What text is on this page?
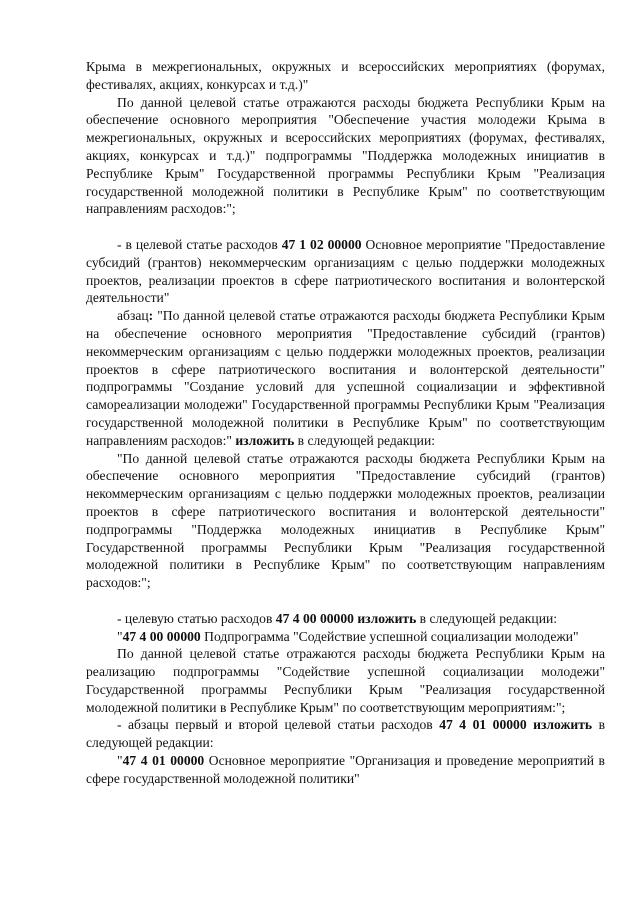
Крыма в межрегиональных, окружных и всероссийских мероприятиях (форумах, фестивалях, акциях, конкурсах и т.д.)"

По данной целевой статье отражаются расходы бюджета Республики Крым на обеспечение основного мероприятия "Обеспечение участия молодежи Крыма в межрегиональных, окружных и всероссийских мероприятиях (форумах, фестивалях, акциях, конкурсах и т.д.)" подпрограммы "Поддержка молодежных инициатив в Республике Крым" Государственной программы Республики Крым "Реализация государственной молодежной политики в Республике Крым" по соответствующим направлениям расходов:";

- в целевой статье расходов 47 1 02 00000 Основное мероприятие "Предоставление субсидий (грантов) некоммерческим организациям с целью поддержки молодежных проектов, реализации проектов в сфере патриотического воспитания и волонтерской деятельности"

абзац: "По данной целевой статье отражаются расходы бюджета Республики Крым на обеспечение основного мероприятия "Предоставление субсидий (грантов) некоммерческим организациям с целью поддержки молодежных проектов, реализации проектов в сфере патриотического воспитания и волонтерской деятельности" подпрограммы "Создание условий для успешной социализации и эффективной самореализации молодежи" Государственной программы Республики Крым "Реализация государственной молодежной политики в Республике Крым" по соответствующим направлениям расходов:" изложить в следующей редакции:

"По данной целевой статье отражаются расходы бюджета Республики Крым на обеспечение основного мероприятия "Предоставление субсидий (грантов) некоммерческим организациям с целью поддержки молодежных проектов, реализации проектов в сфере патриотического воспитания и волонтерской деятельности" подпрограммы "Поддержка молодежных инициатив в Республике Крым" Государственной программы Республики Крым "Реализация государственной молодежной политики в Республике Крым" по соответствующим направлениям расходов:";

- целевую статью расходов 47 4 00 00000 изложить в следующей редакции:

"47 4 00 00000 Подпрограмма "Содействие успешной социализации молодежи"

По данной целевой статье отражаются расходы бюджета Республики Крым на реализацию подпрограммы "Содействие успешной социализации молодежи" Государственной программы Республики Крым "Реализация государственной молодежной политики в Республике Крым" по соответствующим мероприятиям:";

- абзацы первый и второй целевой статьи расходов 47 4 01 00000 изложить в следующей редакции:

"47 4 01 00000 Основное мероприятие "Организация и проведение мероприятий в сфере государственной молодежной политики"
